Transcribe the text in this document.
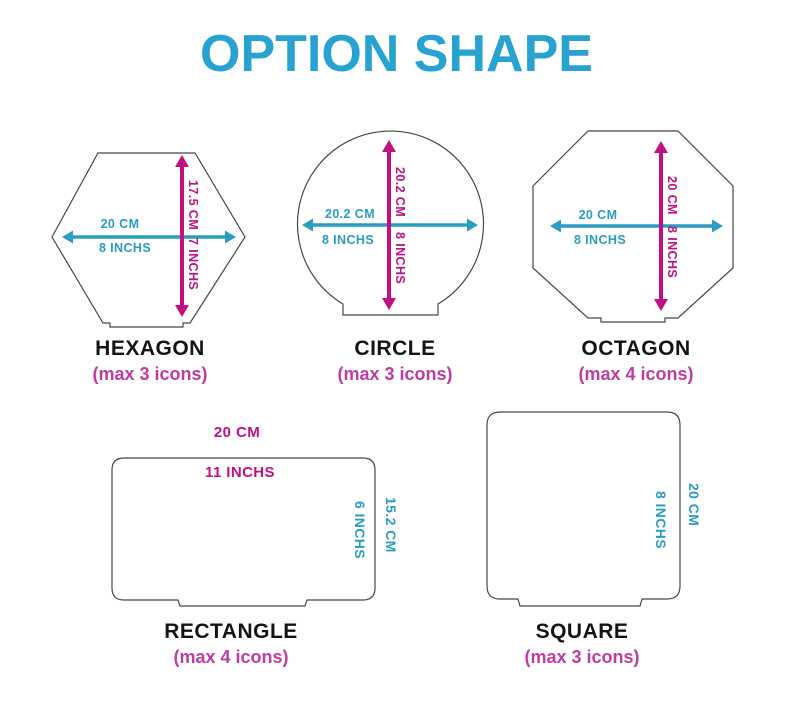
OPTION SHAPE
20 CM
8 INCHS
17.5 CM
7 INCHS
HEXAGON
(max 3 icons)
20.2 CM
8 INCHS
20.2 CM
8 INCHS
CIRCLE
(max 3 icons)
20 CM
8 INCHS
20 CM
8 INCHS
OCTAGON
(max 4 icons)
20 CM
11 INCHS
6 INCHS 15.2 CM
RECTANGLE
(max 4 icons)
8 INCHS 20 CM
SQUARE
(max 3 icons)
